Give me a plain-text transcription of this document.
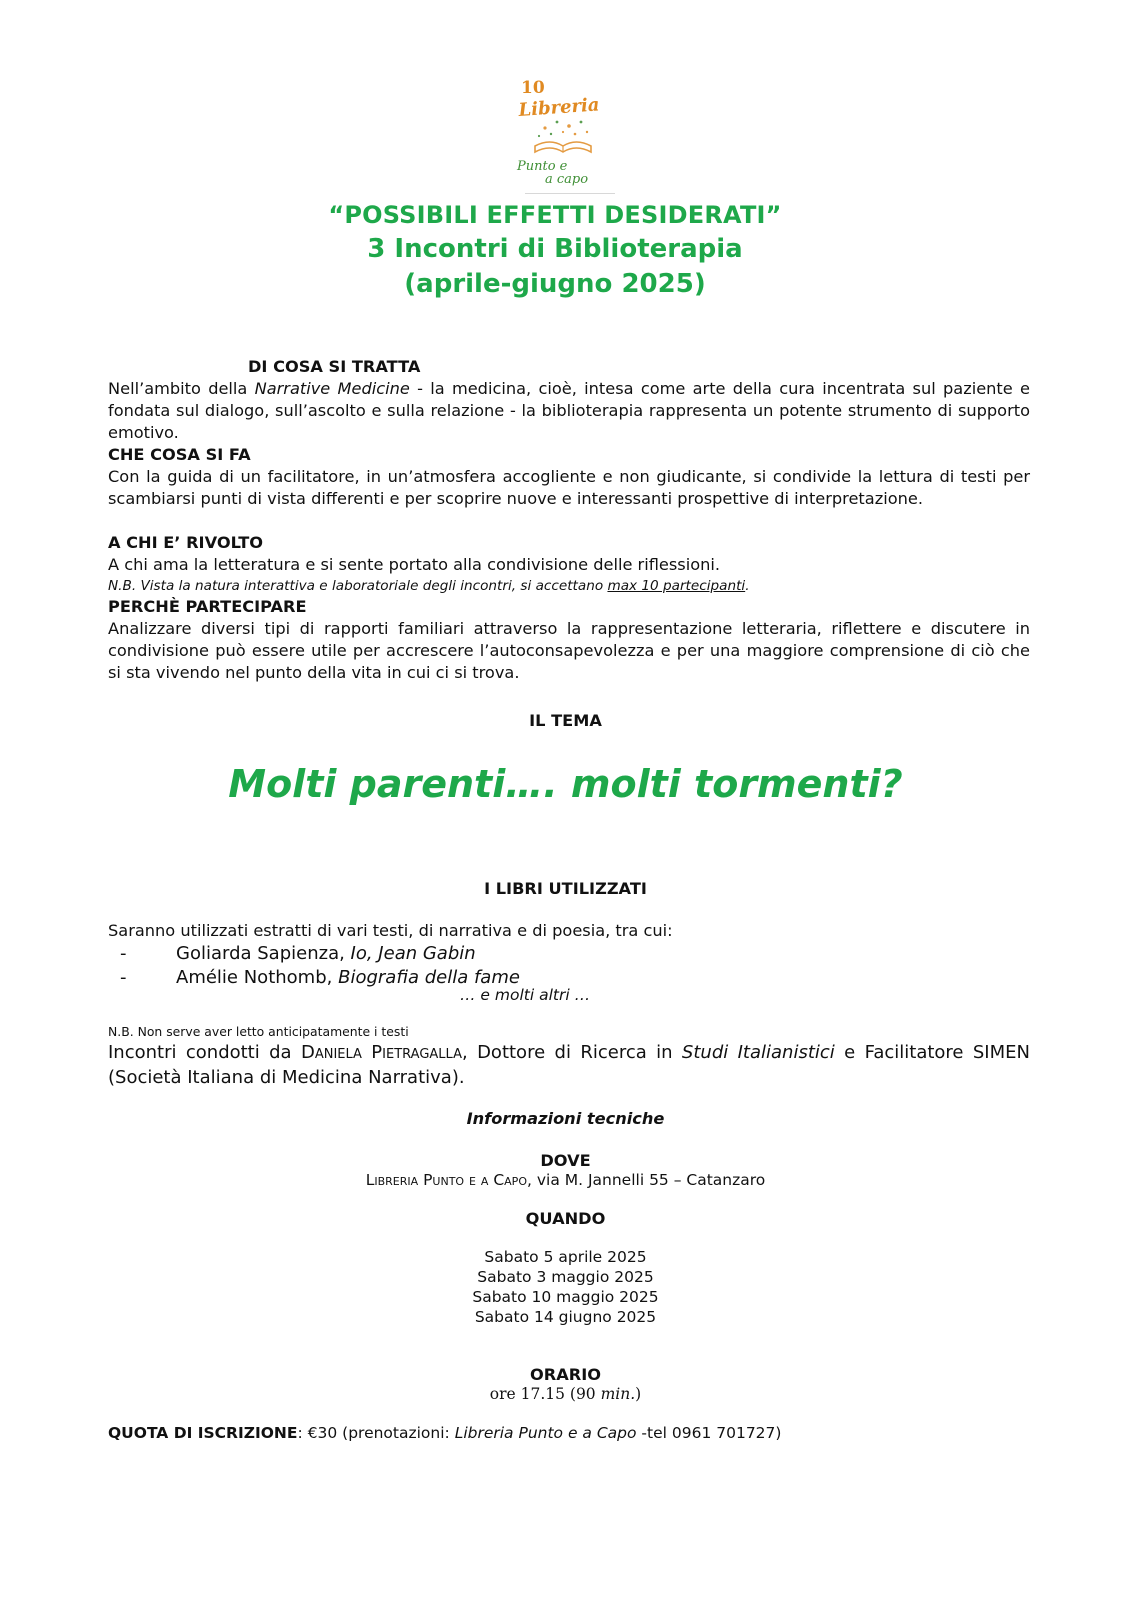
10
Libreria
Punto e
a capo
“POSSIBILI EFFETTI DESIDERATI”
3 Incontri di Biblioterapia
(aprile-giugno 2025)
DI COSA SI TRATTA
Nell’ambito della Narrative Medicine - la medicina, cioè, intesa come arte della cura incentrata sul paziente e fondata sul dialogo, sull’ascolto e sulla relazione - la biblioterapia rappresenta un potente strumento di supporto emotivo.
CHE COSA SI FA
Con la guida di un facilitatore, in un’atmosfera accogliente e non giudicante, si condivide la lettura di testi per scambiarsi punti di vista differenti e per scoprire nuove e interessanti prospettive di interpretazione.
A CHI E’ RIVOLTO
A chi ama la letteratura e si sente portato alla condivisione delle riflessioni.
N.B. Vista la natura interattiva e laboratoriale degli incontri, si accettano max 10 partecipanti.
PERCHÈ PARTECIPARE
Analizzare diversi tipi di rapporti familiari attraverso la rappresentazione letteraria, riflettere e discutere in condivisione può essere utile per accrescere l’autoconsapevolezza e per una maggiore comprensione di ciò che si sta vivendo nel punto della vita in cui ci si trova.
IL TEMA
Molti parenti…. molti tormenti?
I LIBRI UTILIZZATI
Saranno utilizzati estratti di vari testi, di narrativa e di poesia, tra cui:
-	Goliarda Sapienza, Io, Jean Gabin
-	Amélie Nothomb, Biografia della fame
… e molti altri …
N.B. Non serve aver letto anticipatamente i testi
Incontri condotti da Daniela Pietragalla, Dottore di Ricerca in Studi Italianistici e Facilitatore SIMEN (Società Italiana di Medicina Narrativa).
Informazioni tecniche
DOVE
Libreria Punto e a Capo, via M. Jannelli 55 – Catanzaro
QUANDO
Sabato 5 aprile 2025
Sabato 3 maggio 2025
Sabato 10 maggio 2025
Sabato 14 giugno 2025
ORARIO
ore 17.15 (90 min.)
QUOTA DI ISCRIZIONE: €30 (prenotazioni: Libreria Punto e a Capo -tel 0961 701727)
